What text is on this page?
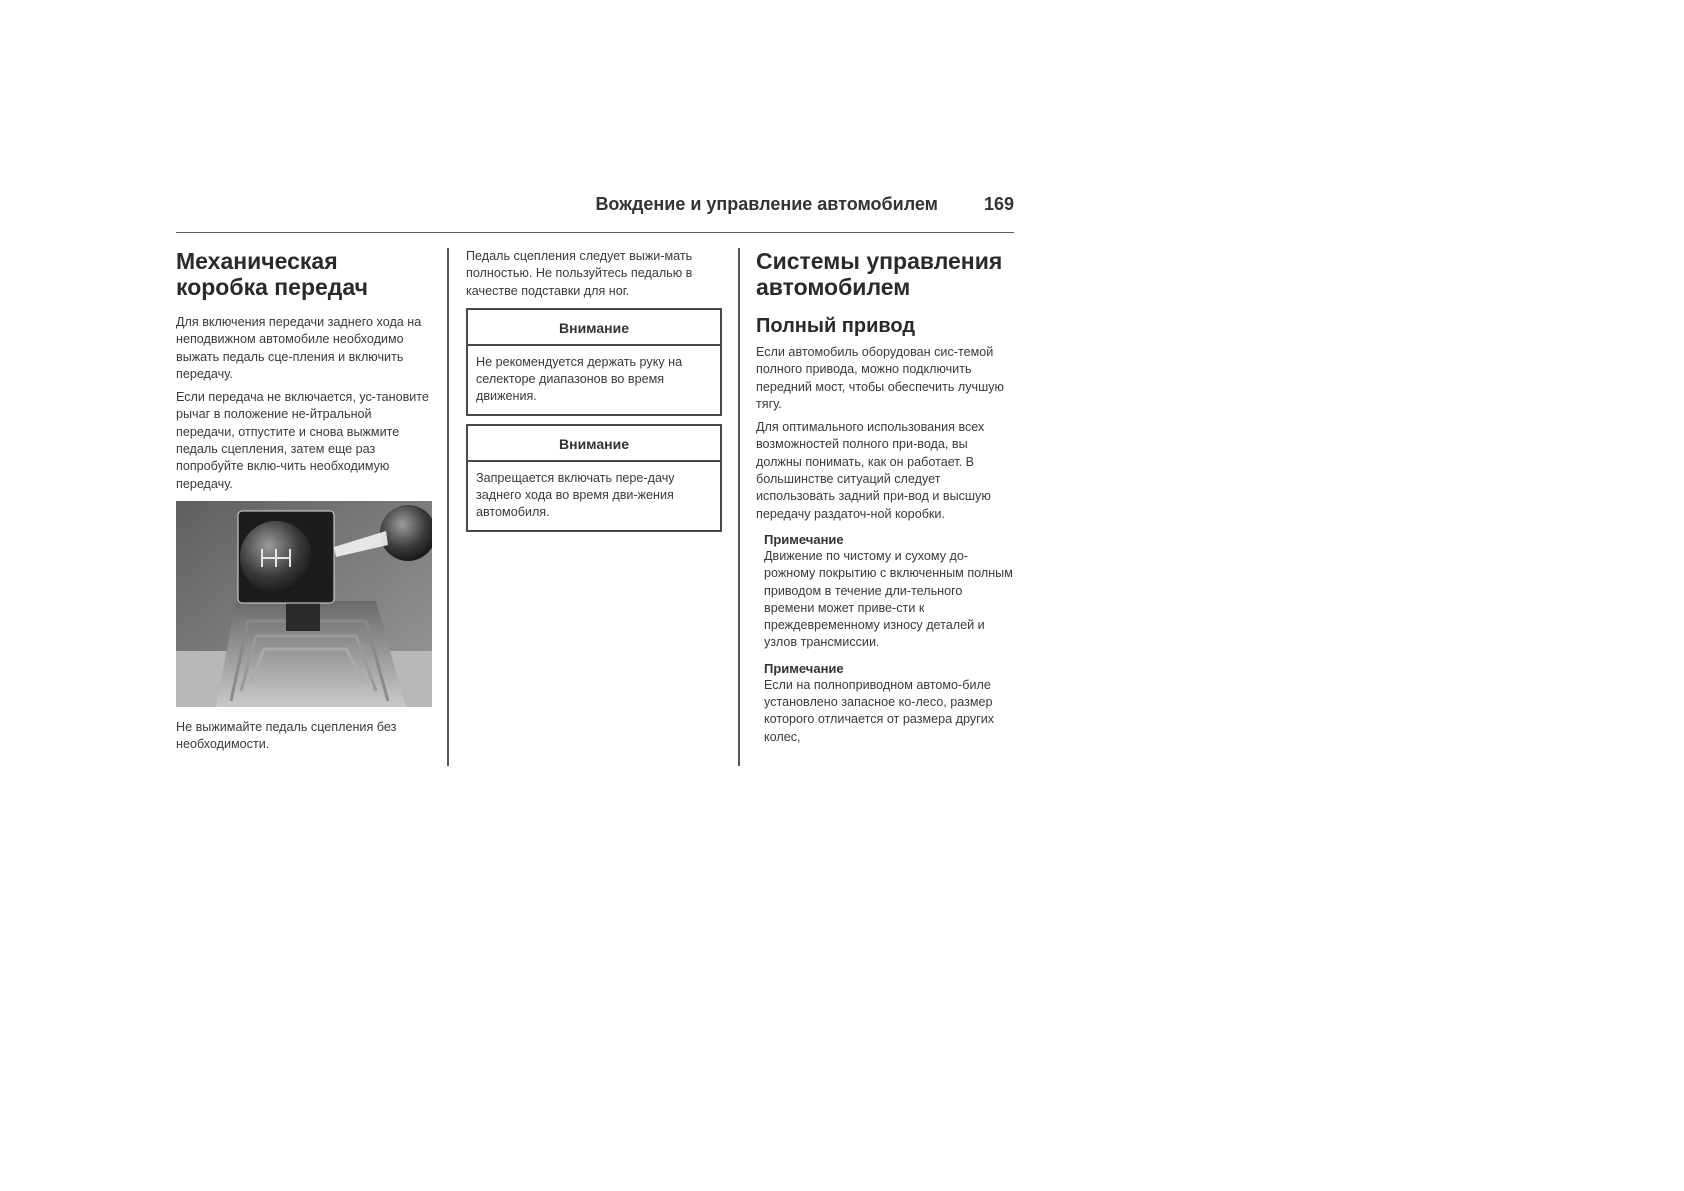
Вождение и управление автомобилем	169
Механическая коробка передач
Для включения передачи заднего хода на неподвижном автомобиле необходимо выжать педаль сце-пления и включить передачу.
Если передача не включается, ус-тановите рычаг в положение не-йтральной передачи, отпустите и снова выжмите педаль сцепления, затем еще раз попробуйте вклю-чить необходимую передачу.
Не выжимайте педаль сцепления без необходимости.
Педаль сцепления следует выжи-мать полностью. Не пользуйтесь педалью в качестве подставки для ног.
Внимание
Не рекомендуется держать руку на селекторе диапазонов во время движения.
Внимание
Запрещается включать пере-дачу заднего хода во время дви-жения автомобиля.
Системы управления автомобилем
Полный привод
Если автомобиль оборудован сис-темой полного привода, можно подключить передний мост, чтобы обеспечить лучшую тягу.
Для оптимального использования всех возможностей полного при-вода, вы должны понимать, как он работает. В большинстве ситуаций следует использовать задний при-вод и высшую передачу раздаточ-ной коробки.
Примечание
Движение по чистому и сухому до-рожному покрытию с включенным полным приводом в течение дли-тельного времени может приве-сти к преждевременному износу деталей и узлов трансмиссии.
Примечание
Если на полноприводном автомо-биле установлено запасное ко-лесо, размер которого отличается от размера других колес,
